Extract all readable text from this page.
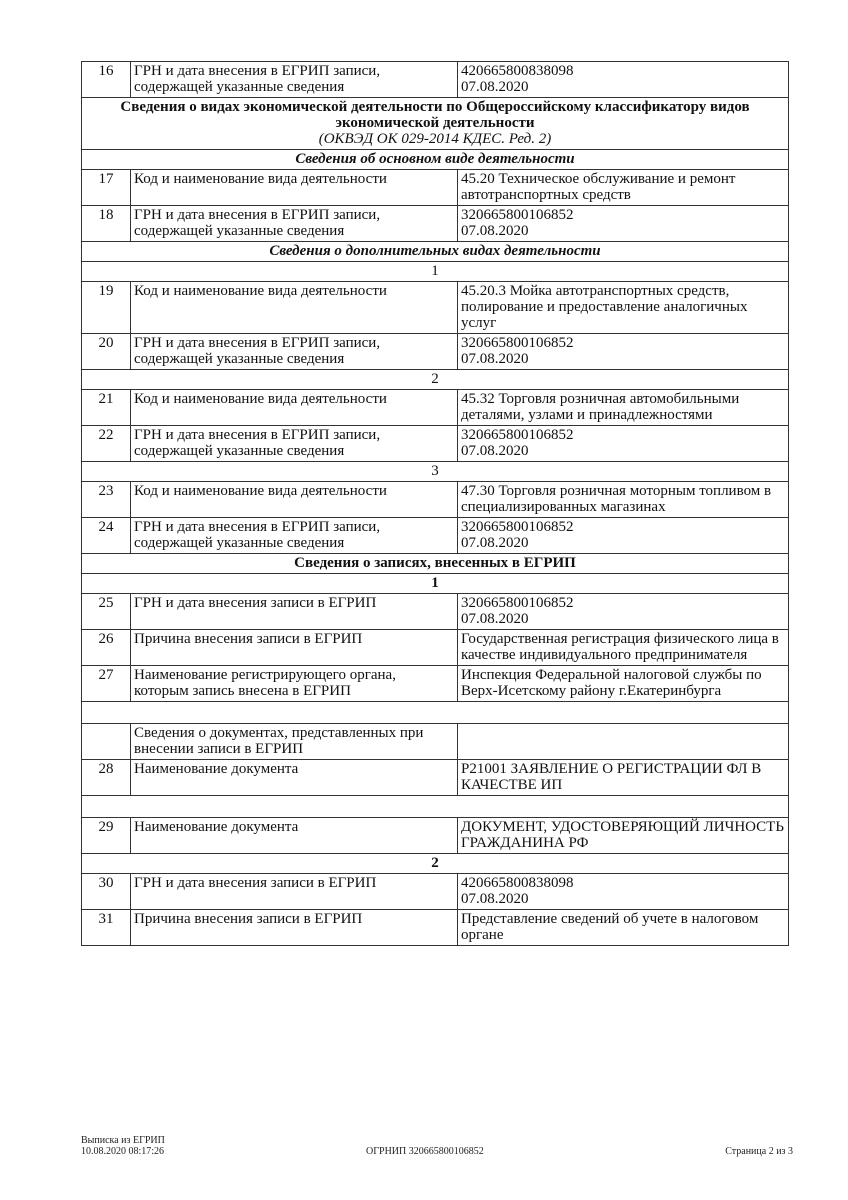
16	ГРН и дата внесения в ЕГРИП записи, содержащей указанные сведения	420665800838098
07.08.2020

Сведения о видах экономической деятельности по Общероссийскому классификатору видов экономической деятельности
(ОКВЭД ОК 029-2014 КДЕС. Ред. 2)		

Сведения об основном виде деятельности		
17	Код и наименование вида деятельности	45.20 Техническое обслуживание и ремонт автотранспортных средств
18	ГРН и дата внесения в ЕГРИП записи, содержащей указанные сведения	320665800106852
07.08.2020

Сведения о дополнительных видах деятельности		
1		
19	Код и наименование вида деятельности	45.20.3 Мойка автотранспортных средств, полирование и предоставление аналогичных услуг
20	ГРН и дата внесения в ЕГРИП записи, содержащей указанные сведения	320665800106852
07.08.2020

2		
21	Код и наименование вида деятельности	45.32 Торговля розничная автомобильными деталями, узлами и принадлежностями
22	ГРН и дата внесения в ЕГРИП записи, содержащей указанные сведения	320665800106852
07.08.2020

3		
23	Код и наименование вида деятельности	47.30 Торговля розничная моторным топливом в специализированных магазинах
24	ГРН и дата внесения в ЕГРИП записи, содержащей указанные сведения	320665800106852
07.08.2020

Сведения о записях, внесенных в ЕГРИП		
1		
25	ГРН и дата внесения записи в ЕГРИП	320665800106852
07.08.2020

26	Причина внесения записи в ЕГРИП	Государственная регистрация физического лица в качестве индивидуального предпринимателя
27	Наименование регистрирующего органа, которым запись внесена в ЕГРИП	Инспекция Федеральной налоговой службы по Верх-Исетскому району г.Екатеринбурга

	Сведения о документах, представленных при внесении записи в ЕГРИП	
28	Наименование документа	Р21001 ЗАЯВЛЕНИЕ О РЕГИСТРАЦИИ ФЛ В КАЧЕСТВЕ ИП

29	Наименование документа	ДОКУМЕНТ, УДОСТОВЕРЯЮЩИЙ ЛИЧНОСТЬ ГРАЖДАНИНА РФ
2		
30	ГРН и дата внесения записи в ЕГРИП	420665800838098
07.08.2020

31	Причина внесения записи в ЕГРИП	Представление сведений об учете в налоговом органе
Выписка из ЕГРИП
10.08.2020 08:17:26	ОГРНИП 320665800106852	Страница 2 из 3
